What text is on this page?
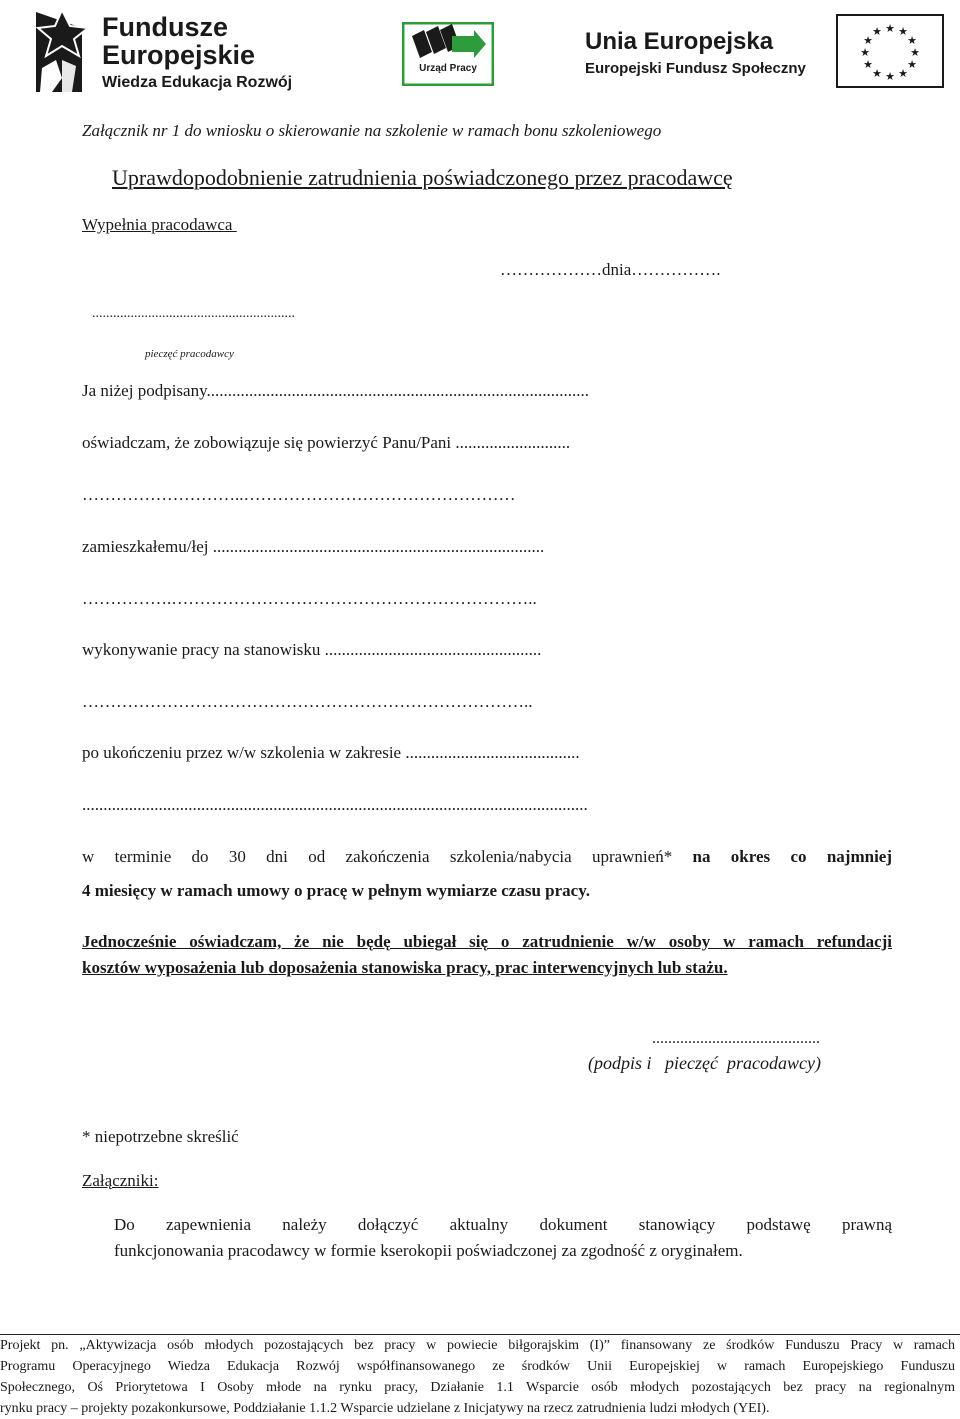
Fundusze
Europejskie
Wiedza Edukacja Rozwój
Urząd Pracy
Unia Europejska
Europejski Fundusz Społeczny
★ ★
★
★
★
★
★
★
★
★
★
★
Załącznik nr 1 do wniosku o skierowanie na szkolenie w ramach bonu szkoleniowego
Uprawdopodobnienie zatrudnienia poświadczonego przez pracodawcę
Wypełnia pracodawca
………………dnia…………….
..........................................................
pieczęć pracodawcy
Ja niżej podpisany..........................................................................................
oświadczam, że zobowiązuje się powierzyć Panu/Pani ...........................
………………………..…………………………………………
zamieszkałemu/łej ..............................................................................
…………….………………………………………………………..
wykonywanie pracy na stanowisku ...................................................
……………………………………………………………………..
po ukończeniu przez w/w szkolenia w zakresie .........................................
.......................................................................................................................
w terminie do 30 dni od zakończenia szkolenia/nabycia uprawnień* na okres co najmniej
4 miesięcy w ramach umowy o pracę w pełnym wymiarze czasu pracy.
Jednocześnie oświadczam, że nie będę ubiegał się o zatrudnienie w/w osoby w ramach refundacji
kosztów wyposażenia lub doposażenia stanowiska pracy, prac interwencyjnych lub stażu.
..........................................
(podpis i   pieczęć  pracodawcy)
* niepotrzebne skreślić
Załączniki:
Do zapewnienia należy dołączyć aktualny dokument stanowiący podstawę prawną
funkcjonowania pracodawcy w formie kserokopii poświadczonej za zgodność z oryginałem.
Projekt pn. „Aktywizacja osób młodych pozostających bez pracy w powiecie biłgorajskim (I)” finansowany ze środków Funduszu Pracy w ramach
Programu Operacyjnego Wiedza Edukacja Rozwój współfinansowanego ze środków Unii Europejskiej w ramach Europejskiego Funduszu
Społecznego, Oś Priorytetowa I Osoby młode na rynku pracy, Działanie 1.1 Wsparcie osób młodych pozostających bez pracy na regionalnym
rynku pracy – projekty pozakonkursowe, Poddziałanie 1.1.2 Wsparcie udzielane z Inicjatywy na rzecz zatrudnienia ludzi młodych (YEI).
